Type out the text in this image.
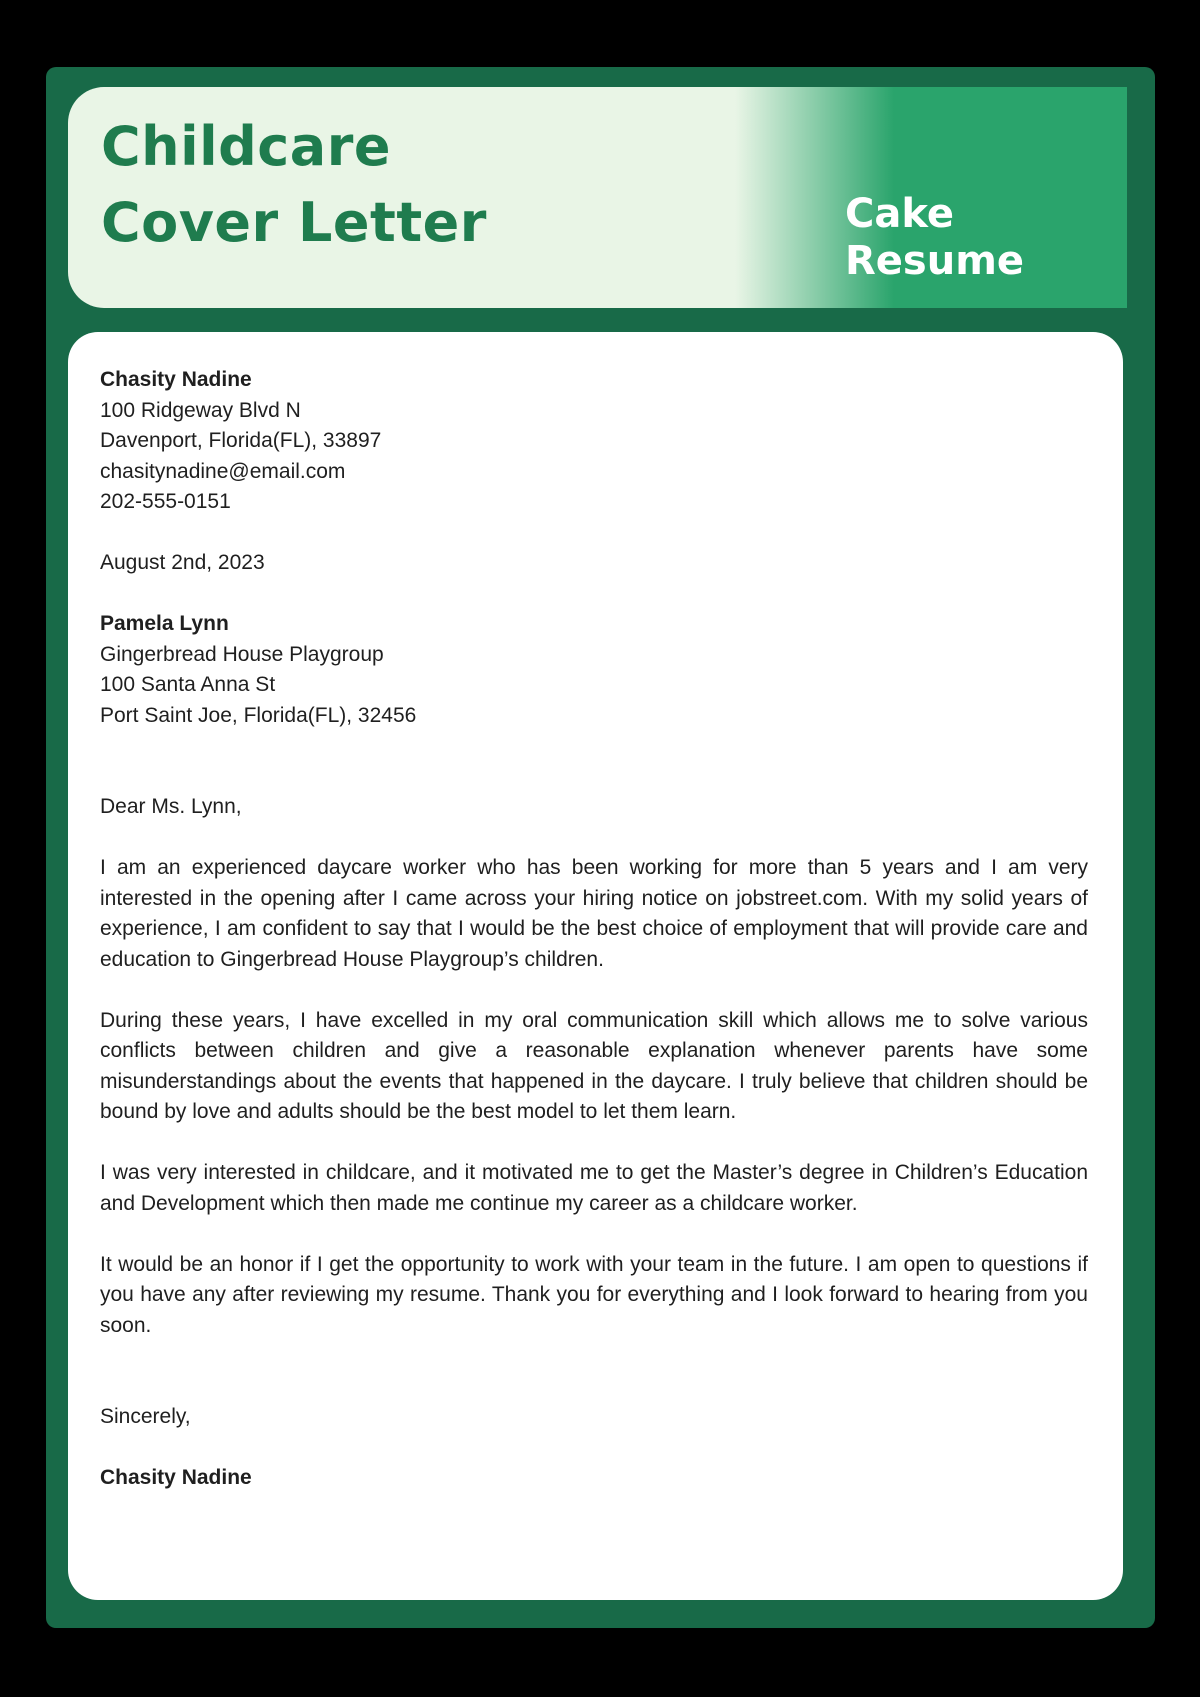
Childcare
Cover Letter	Cake
Resume

Chasity Nadine

100 Ridgeway Blvd N

Davenport, Florida(FL), 33897

chasitynadine@email.com

202-555-0151

August 2nd, 2023

Pamela Lynn

Gingerbread House Playgroup

100 Santa Anna St

Port Saint Joe, Florida(FL), 32456

Dear Ms. Lynn,

I am an experienced daycare worker who has been working for more than 5 years and I am very interested in the opening after I came across your hiring notice on jobstreet.com. With my solid years of experience, I am confident to say that I would be the best choice of employment that will provide care and education to Gingerbread House Playgroup’s children.

During these years, I have excelled in my oral communication skill which allows me to solve various conflicts between children and give a reasonable explanation whenever parents have some misunderstandings about the events that happened in the daycare. I truly believe that children should be bound by love and adults should be the best model to let them learn.

I was very interested in childcare, and it motivated me to get the Master’s degree in Children’s Education and Development which then made me continue my career as a childcare worker.

It would be an honor if I get the opportunity to work with your team in the future. I am open to questions if you have any after reviewing my resume. Thank you for everything and I look forward to hearing from you soon.

Sincerely,

Chasity Nadine
